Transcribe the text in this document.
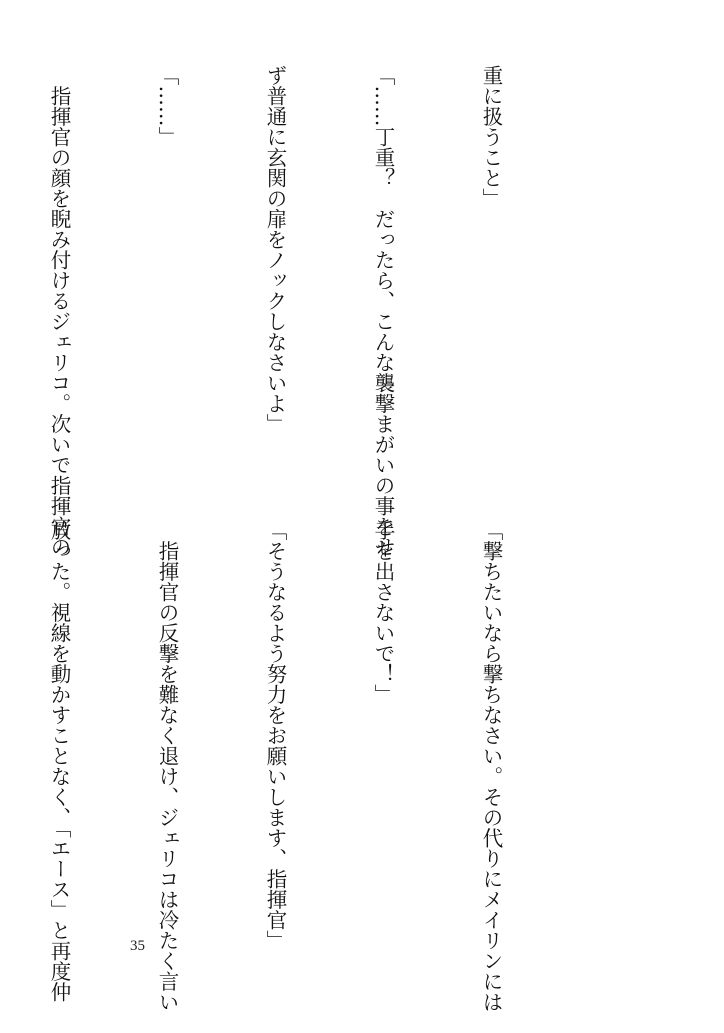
重に扱うこと」

「……丁重？　だったら、こんな襲撃まがいの事をせ

ず普通に玄関の扉をノックしなさいよ」

「……」

　指揮官の顔を睨み付けるジェリコ。次いで指揮官の

「撃ちたいなら撃ちなさい。その代りにメイリンには

手を出さないで！」

「そうなるよう努力をお願いします、指揮官」

　指揮官の反撃を難なく退け、ジェリコは冷たく言い

放った。視線を動かすことなく、「エース」と再度仲

	35
